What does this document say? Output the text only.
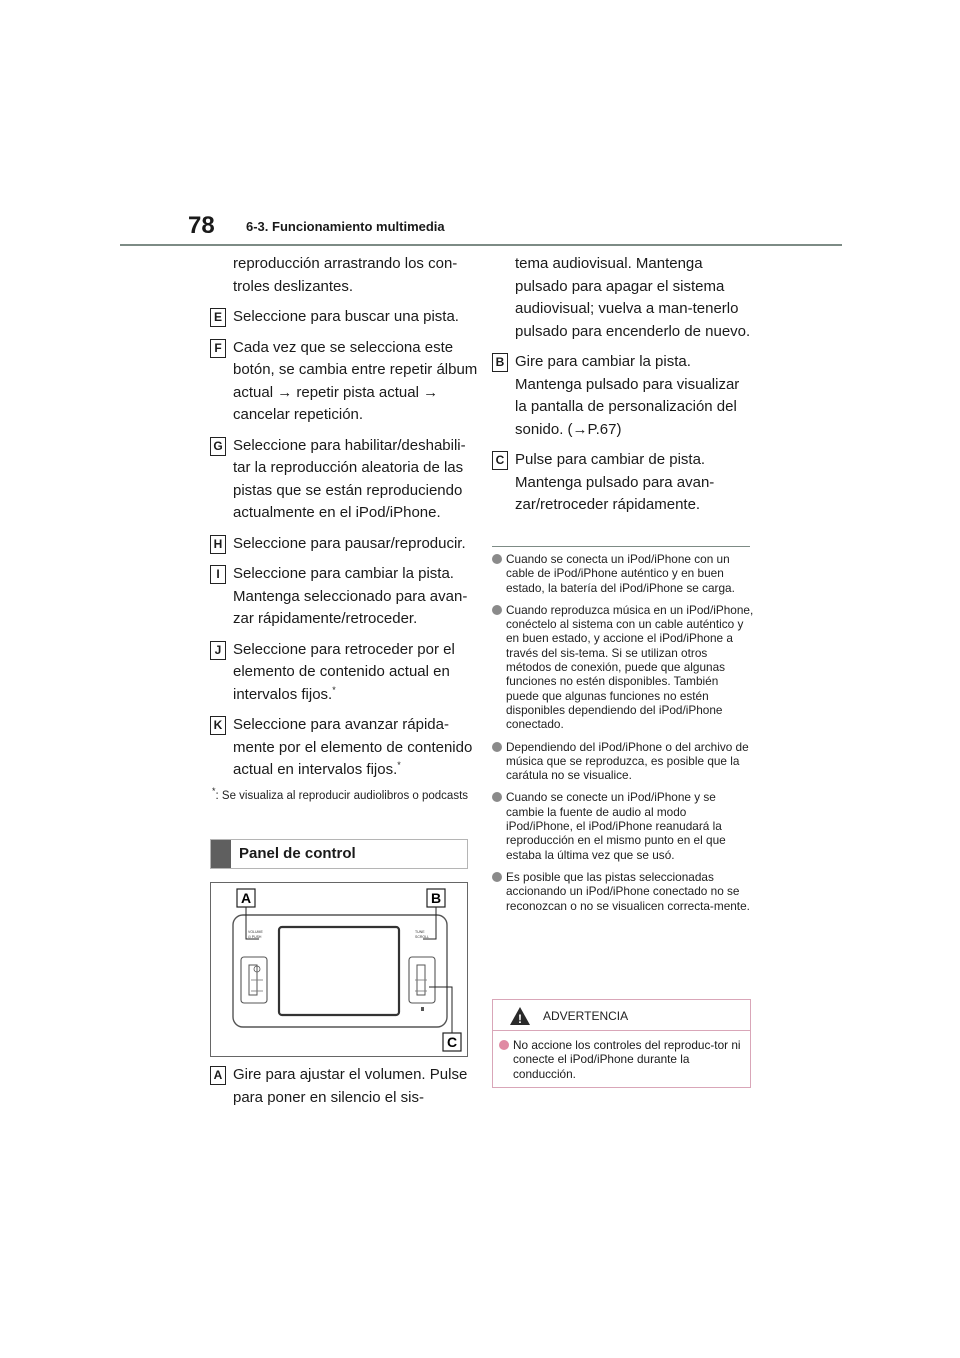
78 6-3. Funcionamiento multimedia
reproducción arrastrando los con-troles deslizantes.
E Seleccione para buscar una pista.
F Cada vez que se selecciona este botón, se cambia entre repetir álbum actual → repetir pista actual → cancelar repetición.
G Seleccione para habilitar/deshabili-tar la reproducción aleatoria de las pistas que se están reproduciendo actualmente en el iPod/iPhone.
H Seleccione para pausar/reproducir.
I Seleccione para cambiar la pista. Mantenga seleccionado para avan-zar rápidamente/retroceder.
J Seleccione para retroceder por el elemento de contenido actual en intervalos fijos.*
K Seleccione para avanzar rápida-mente por el elemento de contenido actual en intervalos fijos.*
*: Se visualiza al reproducir audiolibros o podcasts
Panel de control
VOLUME
⏻ PUSH
TUNE
SCROLL
A	B
C
A Gire para ajustar el volumen. Pulse para poner en silencio el sis-
tema audiovisual. Mantenga pulsado para apagar el sistema audiovisual; vuelva a man-tenerlo pulsado para encenderlo de nuevo.
B Gire para cambiar la pista. Mantenga pulsado para visualizar la pantalla de personalización del sonido. (→P.67)
C Pulse para cambiar de pista. Mantenga pulsado para avan-zar/retroceder rápidamente.
Cuando se conecta un iPod/iPhone con un cable de iPod/iPhone auténtico y en buen estado, la batería del iPod/iPhone se carga.
Cuando reproduzca música en un iPod/iPhone, conéctelo al sistema con un cable auténtico y en buen estado, y accione el iPod/iPhone a través del sis-tema. Si se utilizan otros métodos de conexión, puede que algunas funciones no estén disponibles. También puede que algunas funciones no estén disponibles dependiendo del iPod/iPhone conectado.
Dependiendo del iPod/iPhone o del archivo de música que se reproduzca, es posible que la carátula no se visualice.
Cuando se conecte un iPod/iPhone y se cambie la fuente de audio al modo iPod/iPhone, el iPod/iPhone reanudará la reproducción en el mismo punto en el que estaba la última vez que se usó.
Es posible que las pistas seleccionadas accionando un iPod/iPhone conectado no se reconozcan o no se visualicen correcta-mente.
! ADVERTENCIA
No accione los controles del reproduc-tor ni conecte el iPod/iPhone durante la conducción.
